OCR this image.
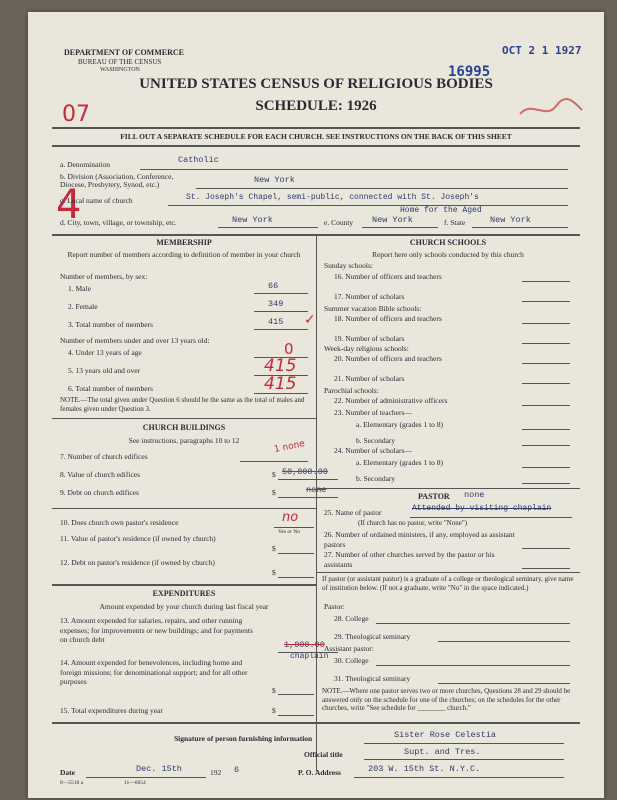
DEPARTMENT OF COMMERCE
BUREAU OF THE CENSUS
WASHINGTON
OCT 2 1 1927
16995
UNITED STATES CENSUS OF RELIGIOUS BODIES
SCHEDULE: 1926
07
4
FILL OUT A SEPARATE SCHEDULE FOR EACH CHURCH. SEE INSTRUCTIONS ON THE BACK OF THIS SHEET
a. Denomination	Catholic
b. Division (Association, Conference, Diocese, Presbytery, Synod, etc.)	New York
c. Local name of church	St. Joseph's Chapel, semi-public, connected with St. Joseph's
Home for the Aged
d. City, town, village, or township, etc.	New York	e. County New York	f. State	New York
MEMBERSHIP
Report number of members according to definition of member in your church
Number of members, by sex:
1. Male	66
2. Female	349
3. Total number of members	415 ✓
Number of members under and over 13 years old:
4. Under 13 years of age	0
5. 13 years old and over	415
6. Total number of members	415
NOTE.—The total given under Question 6 should be the same as the total of males and females given under Question 3.
CHURCH BUILDINGS
See instructions, paragraphs 10 to 12
7. Number of church edifices
1 none
8. Value of church edifices	$ 50,000.00
9. Debt on church edifices	$	none
10. Does church own pastor's residence	no
Yes or No
11. Value of pastor's residence (if owned by church)
$
12. Debt on pastor's residence (if owned by church)
$
EXPENDITURES
Amount expended by your church during last fiscal year
13. Amount expended for salaries, repairs, and other running expenses; for improvements or new buildings; and for payments on church debt
1,000.00
chaplain
14. Amount expended for benevolences, including home and foreign missions; for denominational support; and for all other purposes
$
15. Total expenditures during year	$
CHURCH SCHOOLS
Report here only schools conducted by this church
Sunday schools:
16. Number of officers and teachers
17. Number of scholars
Summer vacation Bible schools:
18. Number of officers and teachers
19. Number of scholars
Week-day religious schools:
20. Number of officers and teachers
21. Number of scholars
Parochial schools:
22. Number of administrative officers
23. Number of teachers—
a. Elementary (grades 1 to 8)
b. Secondary
24. Number of scholars—
a. Elementary (grades 1 to 8)
b. Secondary
PASTOR none
25. Name of pastor	Attended by visiting chaplain
(If church has no pastor, write "None")
26. Number of ordained ministers, if any, employed as assistant pastors
27. Number of other churches served by the pastor or his assistants
If pastor (or assistant pastor) is a graduate of a college or theological seminary, give name of institution below. (If not a graduate, write "No" in the space indicated.)
Pastor:
28. College
29. Theological seminary
Assistant pastor:
30. College
31. Theological seminary
NOTE.—Where one pastor serves two or more churches, Questions 28 and 29 should be answered only on the schedule for one of the churches; on the schedules for the other churches, write "See schedule for ________ church."
Signature of person furnishing information	Sister Rose Celestia
Official title	Supt. and Tres.
Date	Dec. 15th	192 6	P. O. Address	203 W. 15th St. N.Y.C.
8—5518 a	11—6654
